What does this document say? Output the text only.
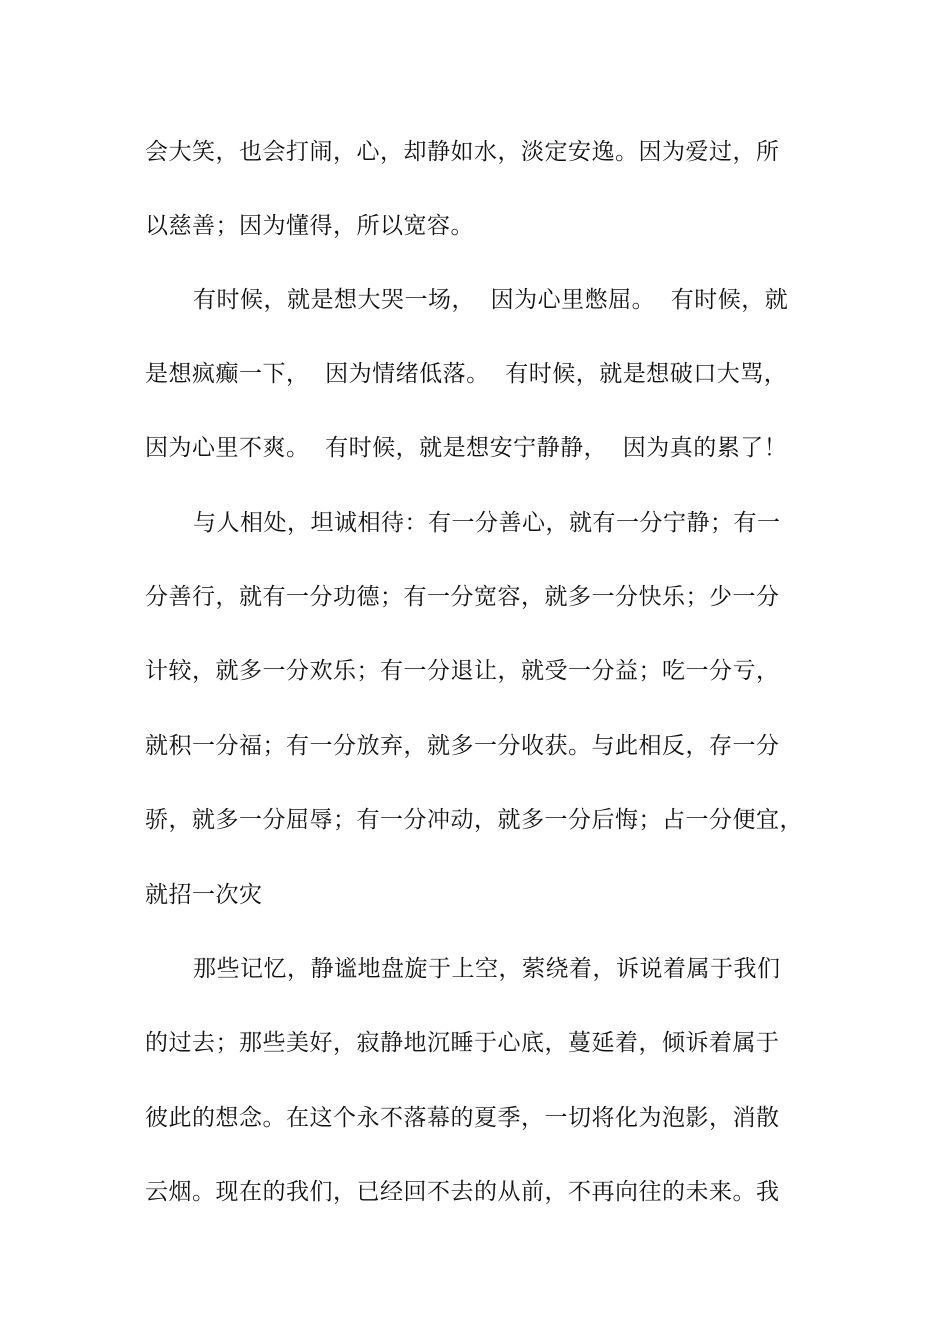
会大笑，也会打闹，心，却静如水，淡定安逸。因为爱过，所
以慈善；因为懂得，所以宽容。
有时候，就是想大哭一场，  因为心里憋屈。  有时候，就
是想疯癫一下，  因为情绪低落。  有时候，就是想破口大骂，
因为心里不爽。  有时候，就是想安宁静静，  因为真的累了！
与人相处，坦诚相待：有一分善心，就有一分宁静；有一
分善行，就有一分功德；有一分宽容，就多一分快乐；少一分
计较，就多一分欢乐；有一分退让，就受一分益；吃一分亏，
就积一分福；有一分放弃，就多一分收获。与此相反，存一分
骄，就多一分屈辱；有一分冲动，就多一分后悔；占一分便宜，
就招一次灾
那些记忆，静谧地盘旋于上空，萦绕着，诉说着属于我们
的过去；那些美好，寂静地沉睡于心底，蔓延着，倾诉着属于
彼此的想念。在这个永不落幕的夏季，一切将化为泡影，消散
云烟。现在的我们，已经回不去的从前，不再向往的未来。我
